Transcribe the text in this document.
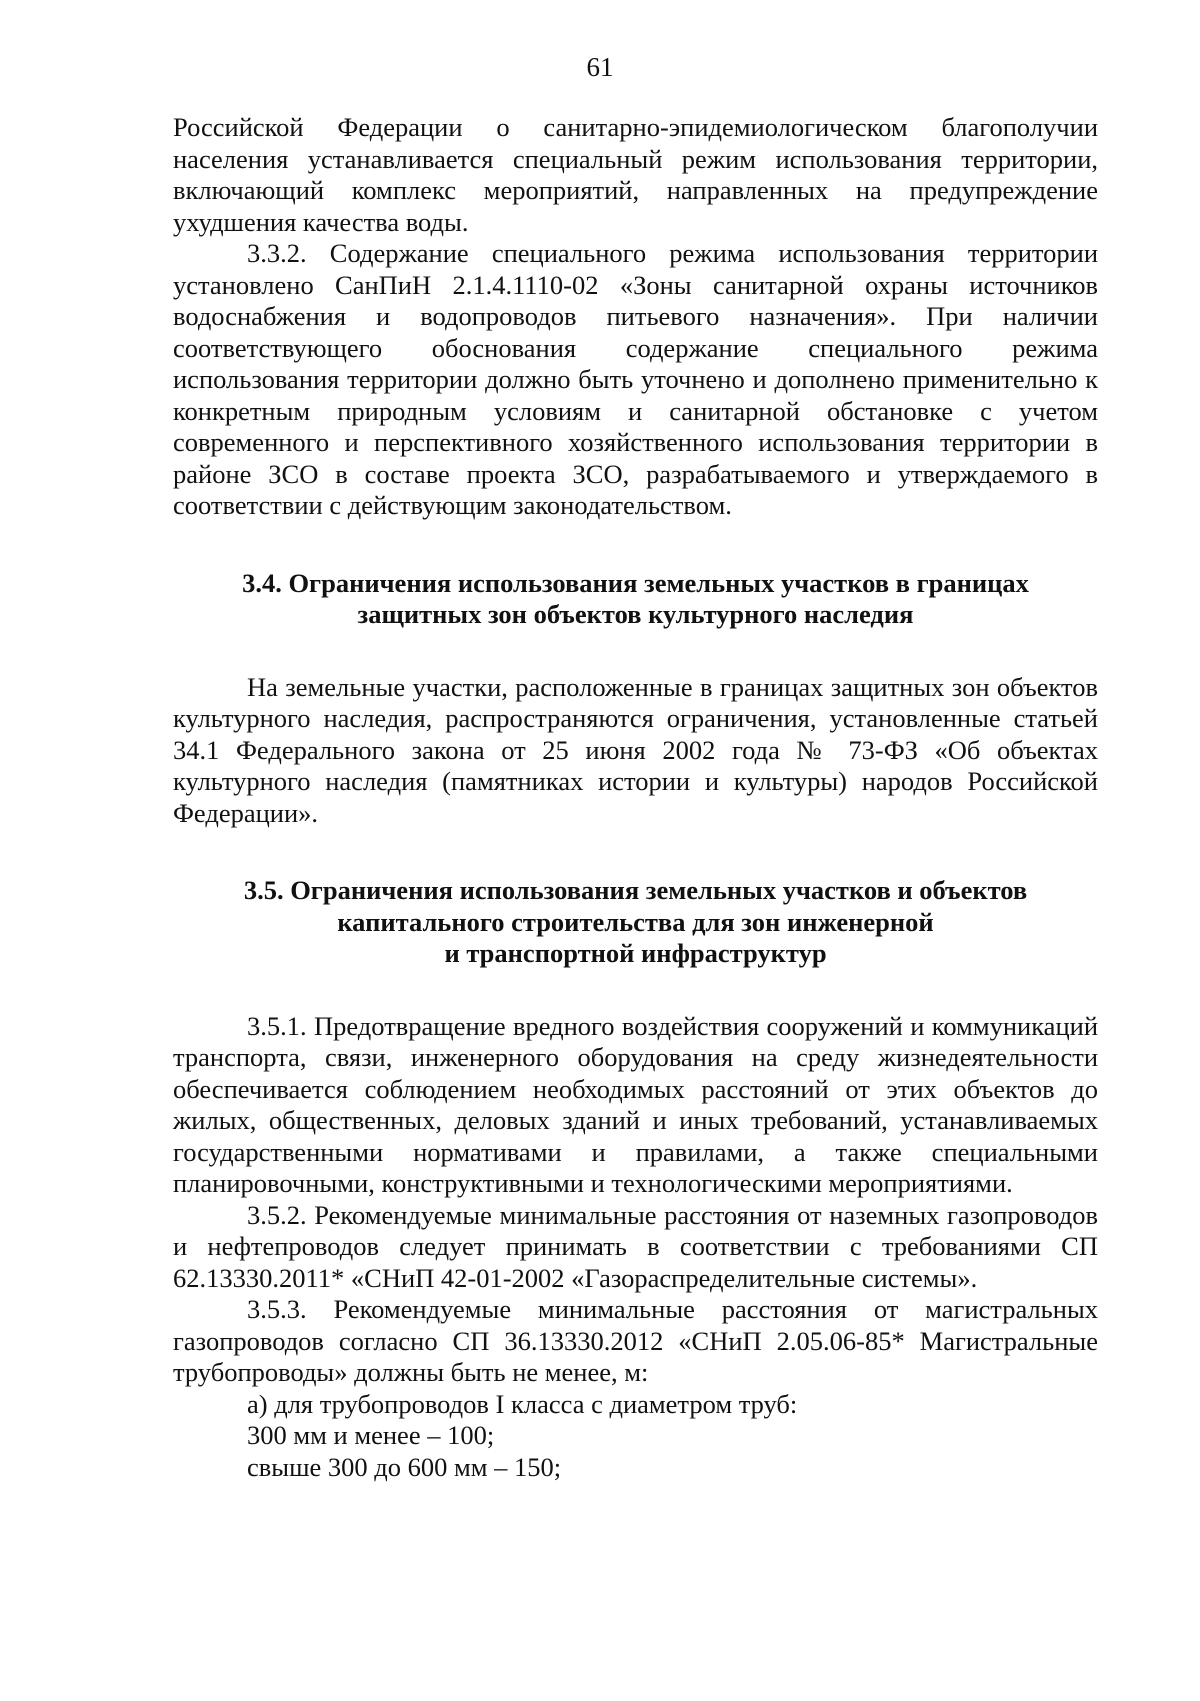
61

Российской Федерации о санитарно-эпидемиологическом благополучии населения устанавливается специальный режим использования территории, включающий комплекс мероприятий, направленных на предупреждение ухудшения качества воды.

3.3.2. Содержание специального режима использования территории установлено СанПиН 2.1.4.1110-02 «Зоны санитарной охраны источников водоснабжения и водопроводов питьевого назначения». При наличии соответствующего обоснования содержание специального режима использования территории должно быть уточнено и дополнено применительно к конкретным природным условиям и санитарной обстановке с учетом современного и перспективного хозяйственного использования территории в районе ЗСО в составе проекта ЗСО, разрабатываемого и утверждаемого в соответствии с действующим законодательством.

3.4. Ограничения использования земельных участков в границах
защитных зон объектов культурного наследия

На земельные участки, расположенные в границах защитных зон объектов культурного наследия, распространяются ограничения, установленные статьей 34.1 Федерального закона от 25 июня 2002 года № 73-ФЗ «Об объектах культурного наследия (памятниках истории и культуры) народов Российской Федерации».

3.5. Ограничения использования земельных участков и объектов
капитального строительства для зон инженерной
и транспортной инфраструктур

3.5.1. Предотвращение вредного воздействия сооружений и коммуникаций транспорта, связи, инженерного оборудования на среду жизнедеятельности обеспечивается соблюдением необходимых расстояний от этих объектов до жилых, общественных, деловых зданий и иных требований, устанавливаемых государственными нормативами и правилами, а также специальными планировочными, конструктивными и технологическими мероприятиями.

3.5.2. Рекомендуемые минимальные расстояния от наземных газопроводов и нефтепроводов следует принимать в соответствии с требованиями СП 62.13330.2011* «СНиП 42-01-2002 «Газораспределительные системы».

3.5.3. Рекомендуемые минимальные расстояния от магистральных газопроводов согласно СП 36.13330.2012 «СНиП 2.05.06-85* Магистральные трубопроводы» должны быть не менее, м:

а) для трубопроводов I класса с диаметром труб:

300 мм и менее – 100;

свыше 300 до 600 мм – 150;
